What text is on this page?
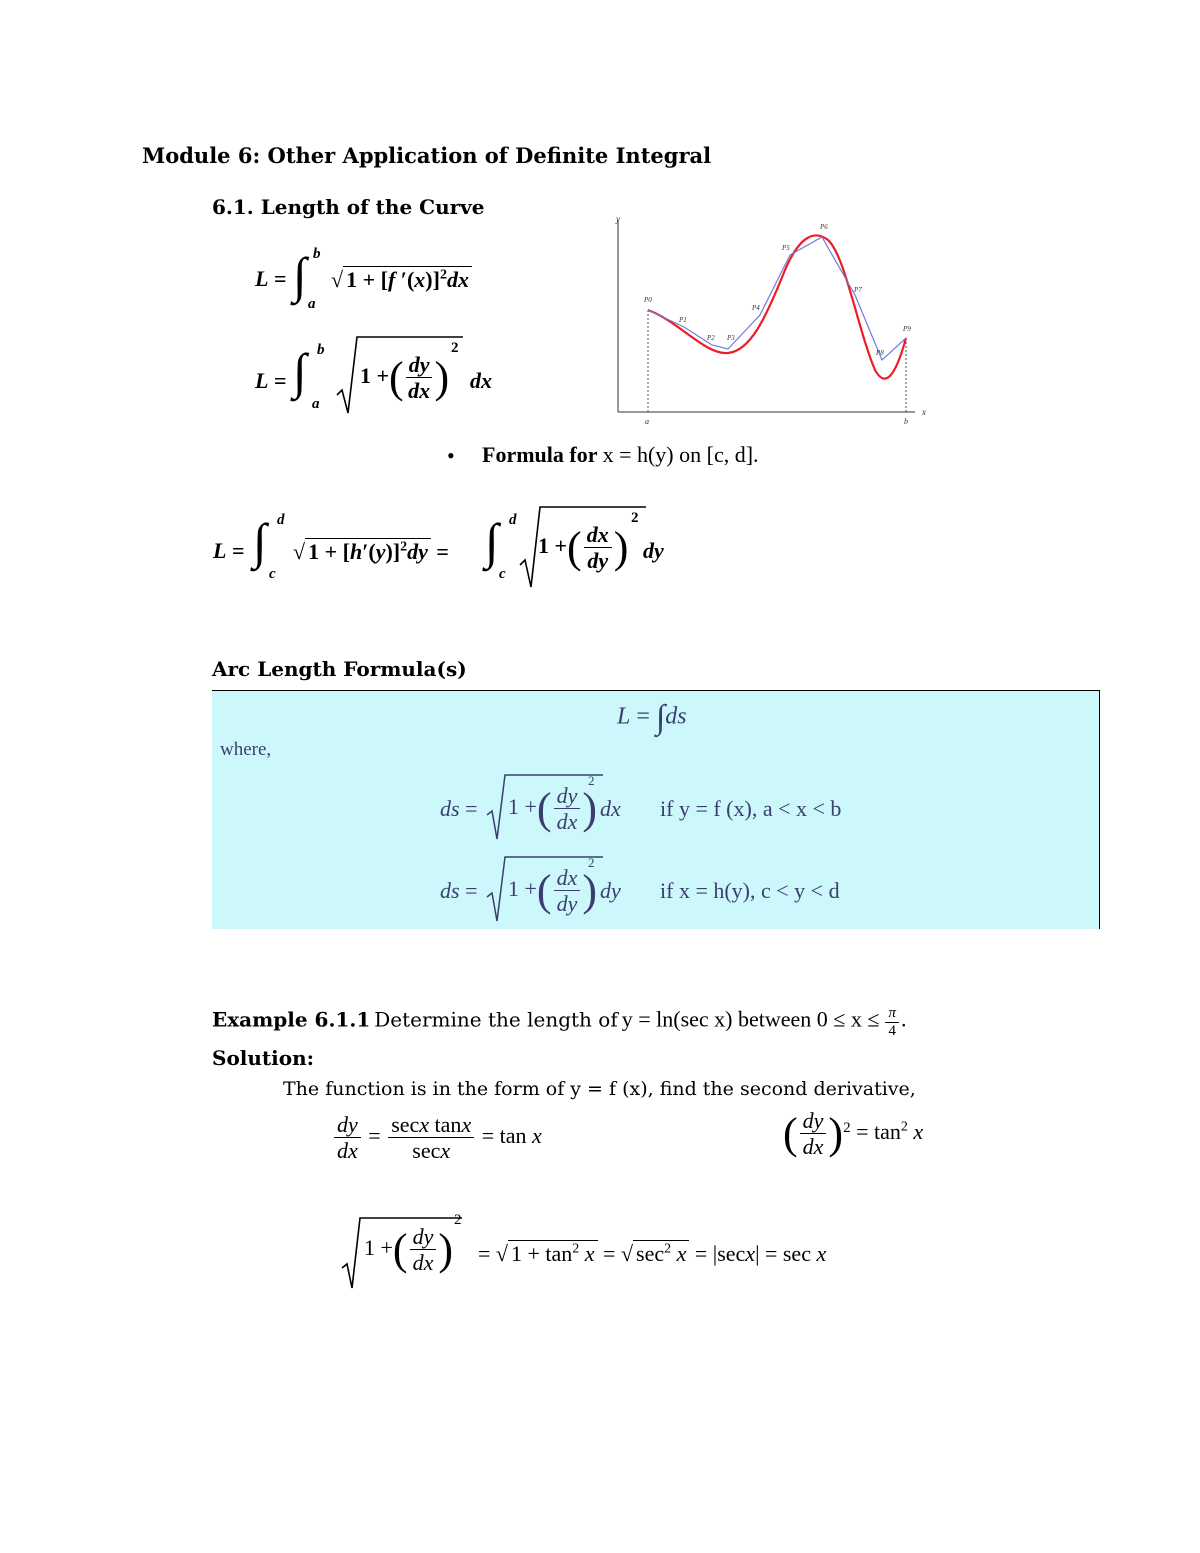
Module 6: Other Application of Definite Integral
6.1. Length of the Curve
L = ∫ b
a
√ 1 + [f ′(x)]$^2$dx
L = ∫ b
a
1 +( $\frac{dy}{dx}$ )
2
dx
y
x
a	b
P0
P1
P2 P3
P4
P5
P6
P7
P8
P9
• Formula for x = h(y) on [c, d].
L = ∫ d
c
√ $1 + [h'(y)]^2dy$ = ∫ d
c
1 +( $\frac{dx}{dy}$ )
2
dy
Arc Length Formula(s)
L = ∫ds
where,
ds = 1 +( $\frac{dy}{dx}$ )
2
dx if y = f (x), a < x < b
ds = 1 +( $\frac{dx}{dy}$ )
2
dy if x = h(y), c < y < d
Example 6.1.1 Determine the length of y = ln(sec x) between $0 \le x \le \frac{\pi}{4}$ .
Solution:
The function is in the form of y = f (x), find the second derivative,
$\frac{dy}{dx} = \frac{\text{secx tanx}}{\sec x} = \tan x$	( $\frac{dy}{dx} )^2 = \tan^2 x$
1 +( $\frac{dy}{dx}$ )
2
= √ $1 + \tan^2 x$ = √ $\sec^2 x = |\sec x| = \sec x$
